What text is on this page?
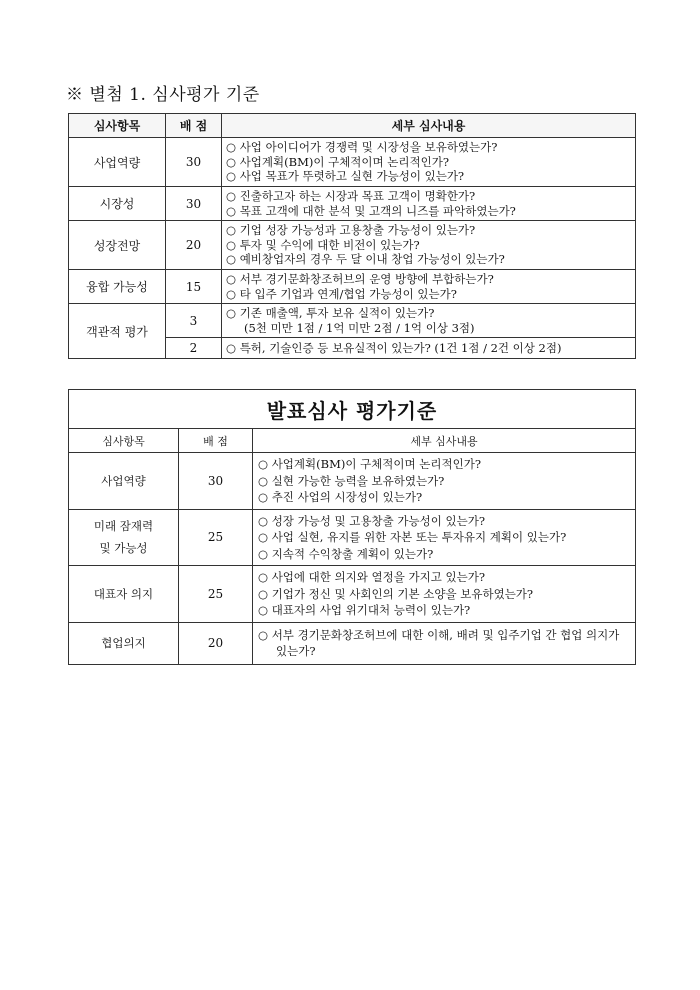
※ 별첨 1. 심사평가 기준
심사항목	배 점	세부 심사내용
사업역량	30	○ 사업 아이디어가 경쟁력 및 시장성을 보유하였는가?
○ 사업계획(BM)이 구체적이며 논리적인가?
○ 사업 목표가 뚜렷하고 실현 가능성이 있는가?

시장성	30	○ 진출하고자 하는 시장과 목표 고객이 명확한가?
○ 목표 고객에 대한 분석 및 고객의 니즈를 파악하였는가?

성장전망	20	○ 기업 성장 가능성과 고용창출 가능성이 있는가?
○ 투자 및 수익에 대한 비전이 있는가?
○ 예비창업자의 경우 두 달 이내 창업 가능성이 있는가?

융합 가능성	15	○ 서부 경기문화창조허브의 운영 방향에 부합하는가?
○ 타 입주 기업과 연계/협업 가능성이 있는가?

객관적 평가	3	○ 기존 매출액, 투자 보유 실적이 있는가?
(5천 미만 1점 / 1억 미만 2점 / 1억 이상 3점)

	2	○ 특허, 기술인증 등 보유실적이 있는가? (1건 1점 / 2건 이상 2점)
발표심사 평가기준		
심사항목	배 점	세부 심사내용
사업역량	30	○ 사업계획(BM)이 구체적이며 논리적인가?
○ 실현 가능한 능력을 보유하였는가?
○ 추진 사업의 시장성이 있는가?

미래 잠재력
및 가능성	25	○ 성장 가능성 및 고용창출 가능성이 있는가?
○ 사업 실현, 유지를 위한 자본 또는 투자유지 계획이 있는가?
○ 지속적 수익창출 계획이 있는가?

대표자 의지	25	○ 사업에 대한 의지와 열정을 가지고 있는가?
○ 기업가 정신 및 사회인의 기본 소양을 보유하였는가?
○ 대표자의 사업 위기대처 능력이 있는가?

협업의지	20	○ 서부 경기문화창조허브에 대한 이해, 배려 및 입주기업 간 협업 의지가
있는가?
